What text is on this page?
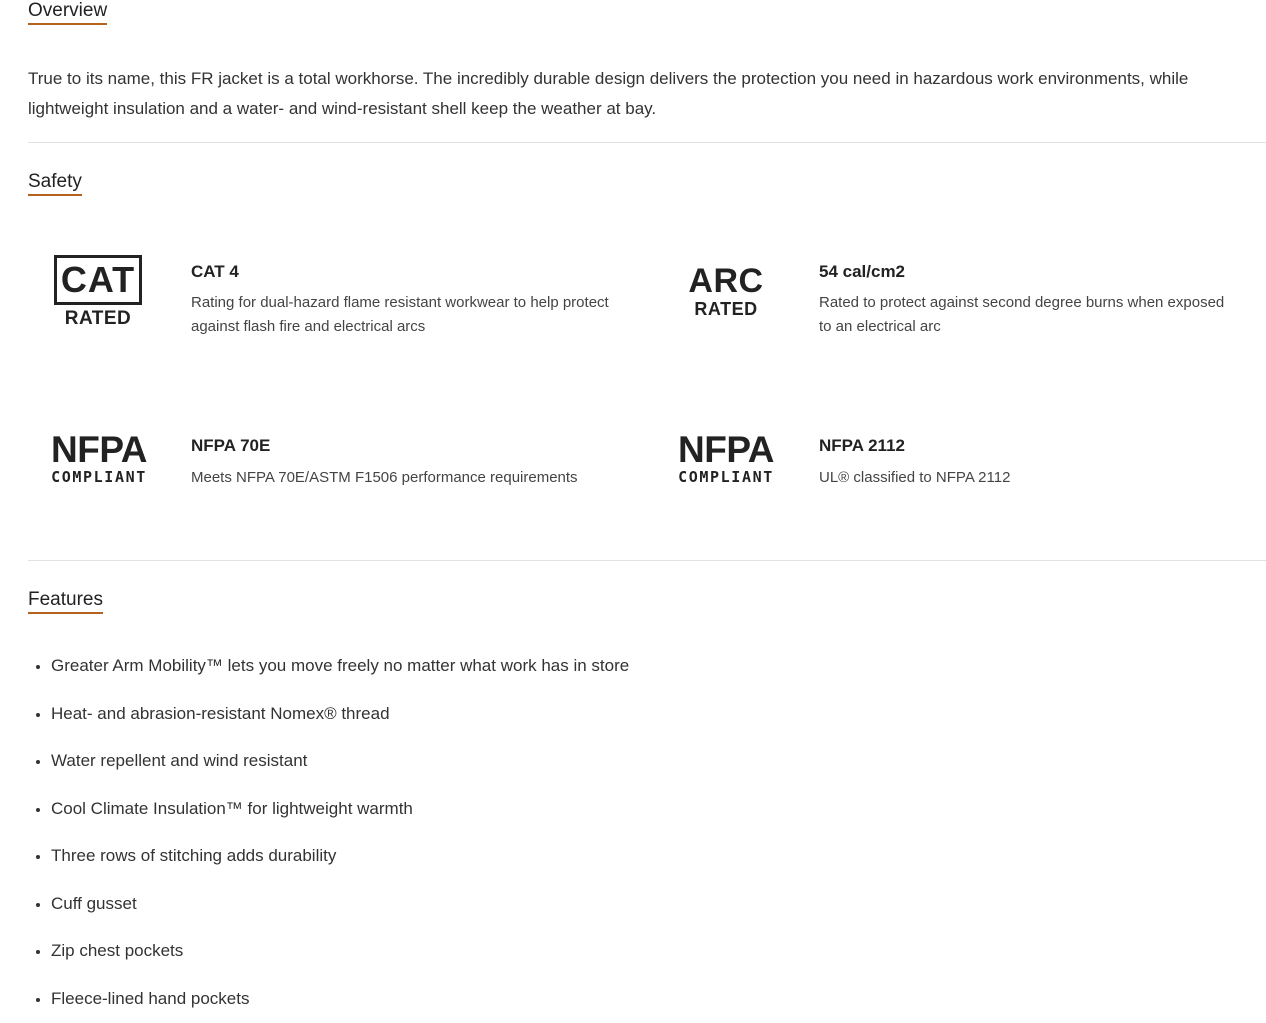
Overview

True to its name, this FR jacket is a total workhorse. The incredibly durable design delivers the protection you need in hazardous work environments, while lightweight insulation and a water- and wind-resistant shell keep the weather at bay.

Safety
CAT
RATED
CAT 4

Rating for dual-hazard flame resistant workwear to help protect against flash fire and electrical arcs

ARC
RATED
54 cal/cm2

Rated to protect against second degree burns when exposed to an electrical arc

NFPA
COMPLIANT
NFPA 70E

Meets NFPA 70E/ASTM F1506 performance requirements

NFPA
COMPLIANT
NFPA 2112

UL® classified to NFPA 2112

Features
• Greater Arm Mobility™ lets you move freely no matter what work has in store
• Heat- and abrasion-resistant Nomex® thread
• Water repellent and wind resistant
• Cool Climate Insulation™ for lightweight warmth
• Three rows of stitching adds durability
• Cuff gusset
• Zip chest pockets
• Fleece-lined hand pockets
